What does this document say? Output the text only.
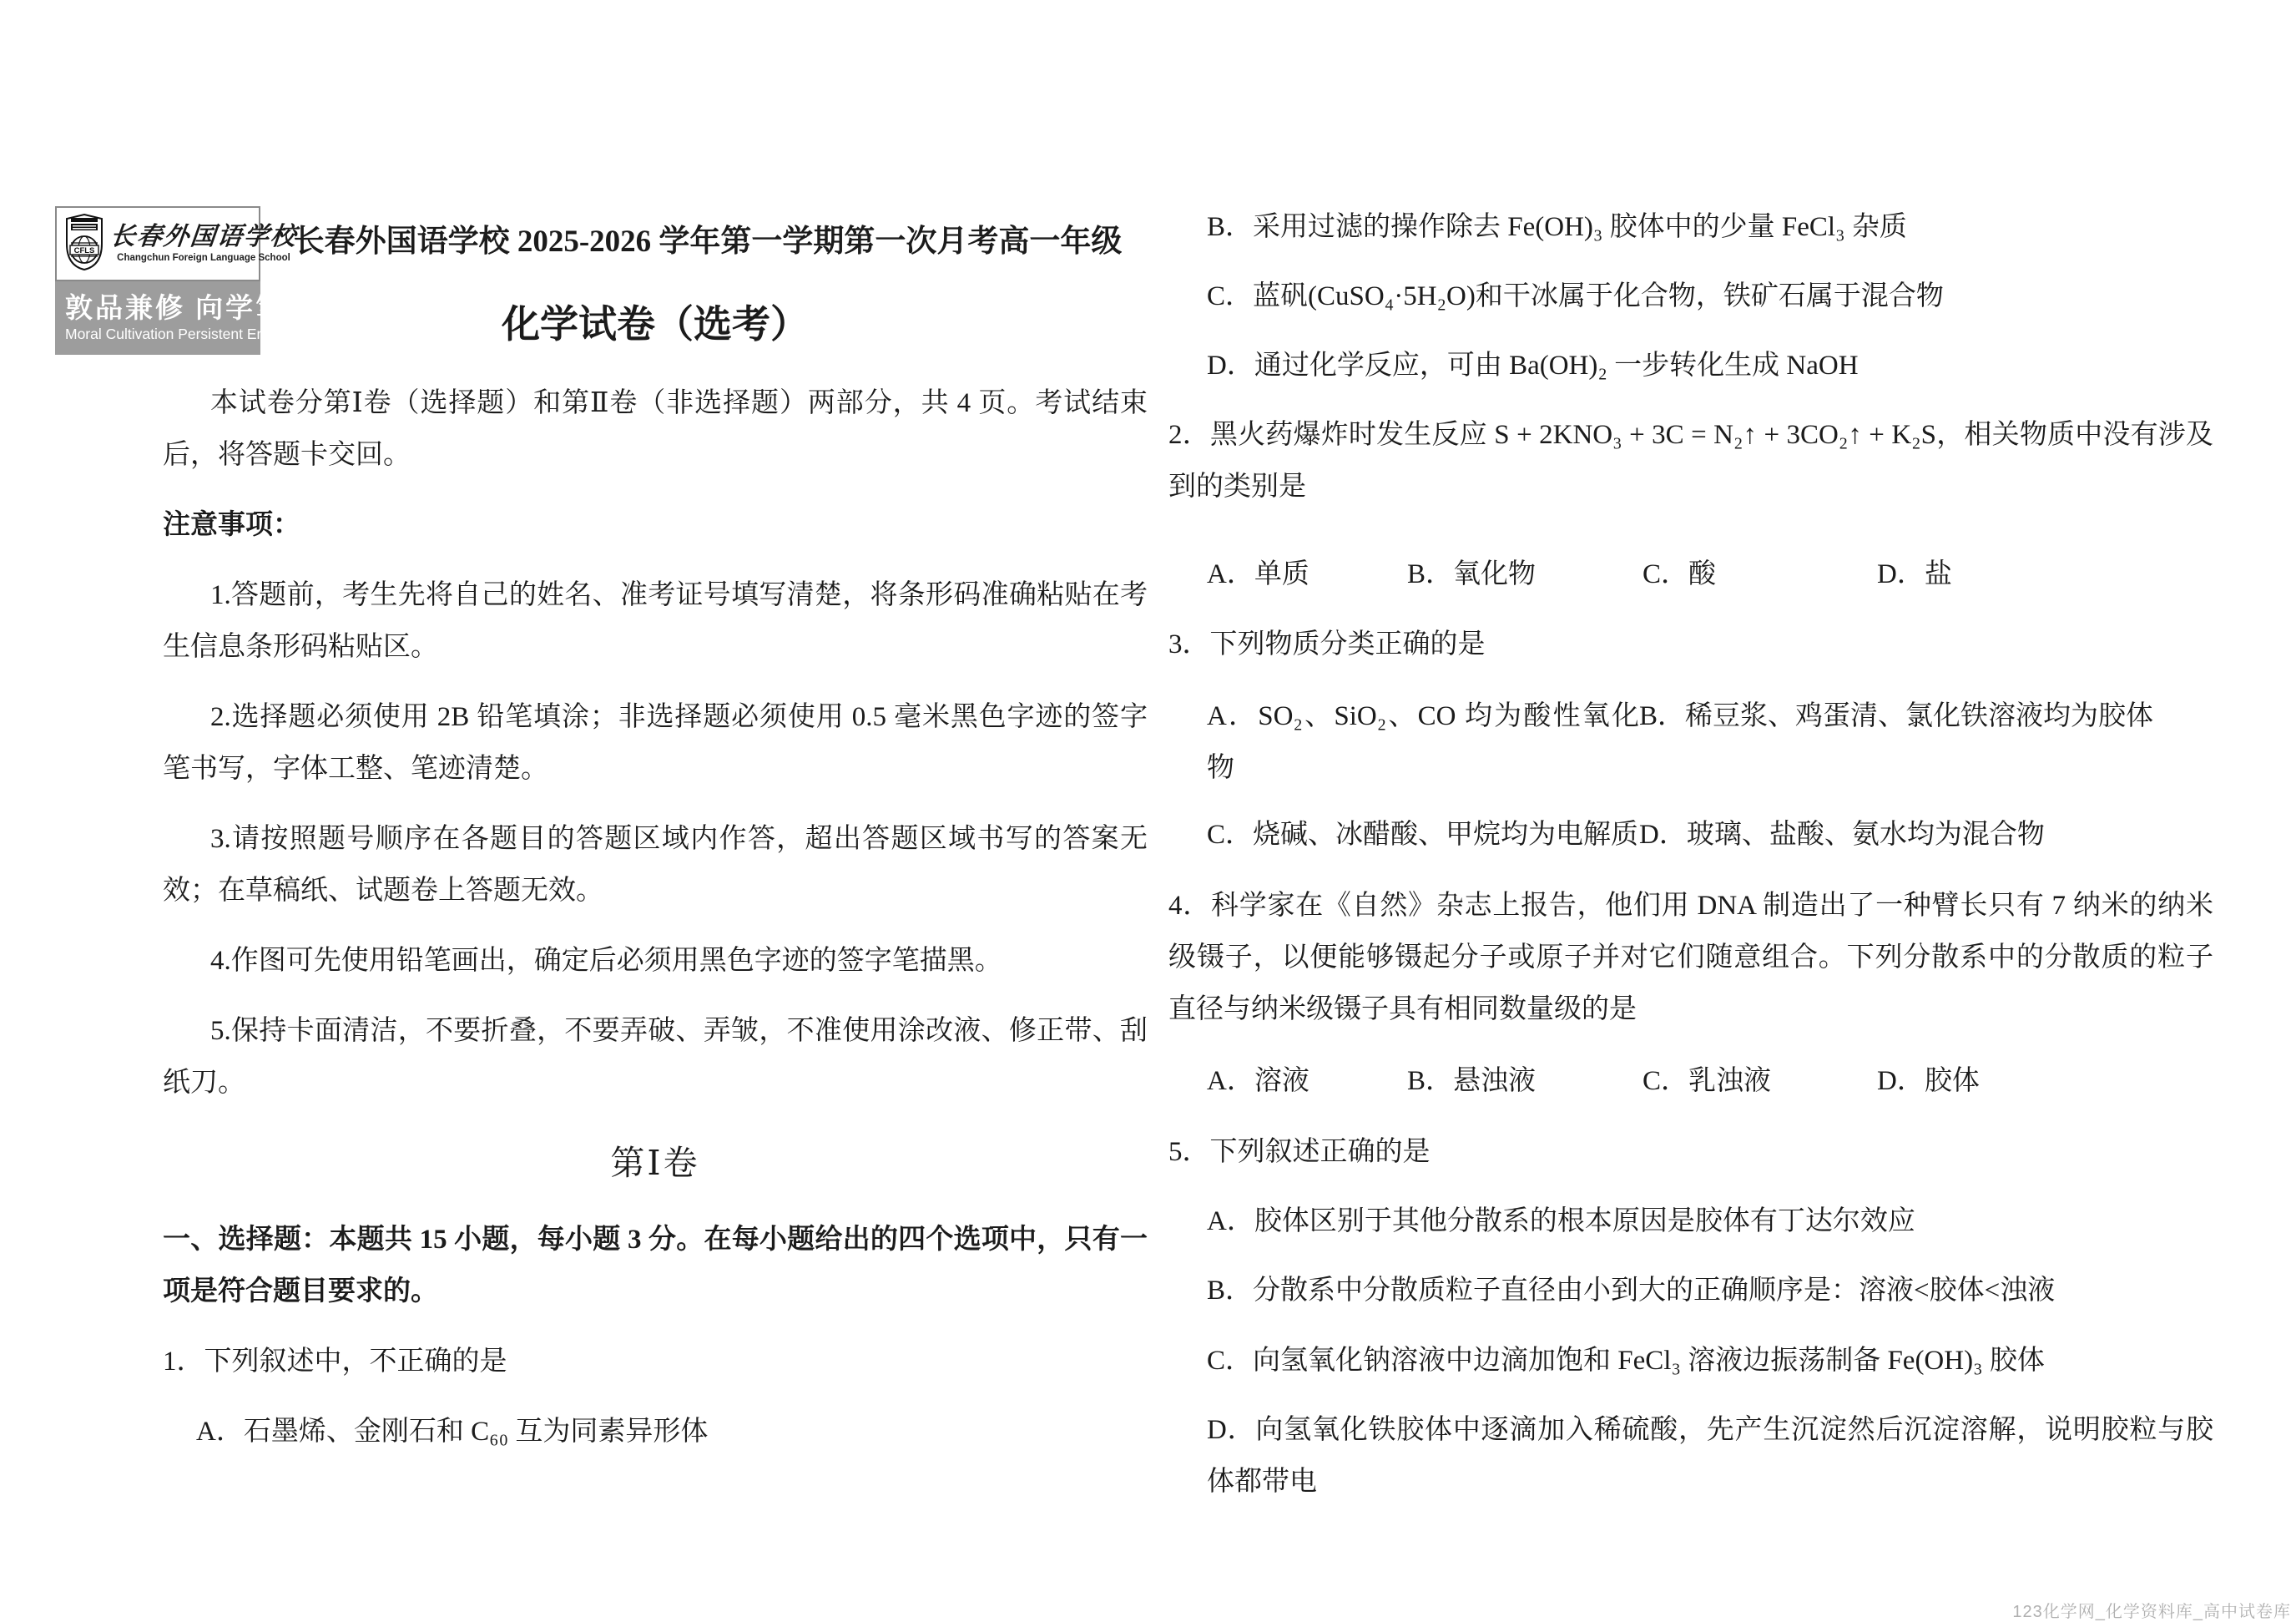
CFLS
长春外国语学校
Changchun Foreign Language School
敦品兼修 向学笃行
Moral Cultivation Persistent Endeavor
长春外国语学校 2025-2026 学年第一学期第一次月考高一年级
化学试卷（选考）

本试卷分第Ⅰ卷（选择题）和第Ⅱ卷（非选择题）两部分，共 4 页。考试结束后，将答题卡交回。

注意事项：

1.答题前，考生先将自己的姓名、准考证号填写清楚，将条形码准确粘贴在考生信息条形码粘贴区。

2.选择题必须使用 2B 铅笔填涂；非选择题必须使用 0.5 毫米黑色字迹的签字笔书写，字体工整、笔迹清楚。

3.请按照题号顺序在各题目的答题区域内作答，超出答题区域书写的答案无效；在草稿纸、试题卷上答题无效。

4.作图可先使用铅笔画出，确定后必须用黑色字迹的签字笔描黑。

5.保持卡面清洁，不要折叠，不要弄破、弄皱，不准使用涂改液、修正带、刮纸刀。

第Ⅰ卷

一、选择题：本题共 15 小题，每小题 3 分。在每小题给出的四个选项中，只有一项是符合题目要求的。

1．下列叙述中，不正确的是

A．石墨烯、金刚石和 C₆₀ 互为同素异形体

B．采用过滤的操作除去 Fe(OH)₃ 胶体中的少量 FeCl₃ 杂质

C．蓝矾(CuSO₄·5H₂O)和干冰属于化合物，铁矿石属于混合物

D．通过化学反应，可由 Ba(OH)₂ 一步转化生成 NaOH

2．黑火药爆炸时发生反应 S + 2KNO₃ + 3C = N₂↑ + 3CO₂↑ + K₂S，相关物质中没有涉及到的类别是

A．单质	B．氧化物	C．酸	D．盐

3．下列物质分类正确的是

A．SO₂、SiO₂、CO 均为酸性氧化物
B．稀豆浆、鸡蛋清、氯化铁溶液均为胶体
C．烧碱、冰醋酸、甲烷均为电解质 D．玻璃、盐酸、氨水均为混合物

4．科学家在《自然》杂志上报告，他们用 DNA 制造出了一种臂长只有 7 纳米的纳米级镊子，以便能够镊起分子或原子并对它们随意组合。下列分散系中的分散质的粒子直径与纳米级镊子具有相同数量级的是

A．溶液	B．悬浊液	C．乳浊液	D．胶体

5．下列叙述正确的是

A．胶体区别于其他分散系的根本原因是胶体有丁达尔效应

B．分散系中分散质粒子直径由小到大的正确顺序是：溶液<胶体<浊液

C．向氢氧化钠溶液中边滴加饱和 FeCl₃ 溶液边振荡制备 Fe(OH)₃ 胶体

D．向氢氧化铁胶体中逐滴加入稀硫酸，先产生沉淀然后沉淀溶解，说明胶粒与胶体都带电

123化学网_化学资料库_高中试卷库
